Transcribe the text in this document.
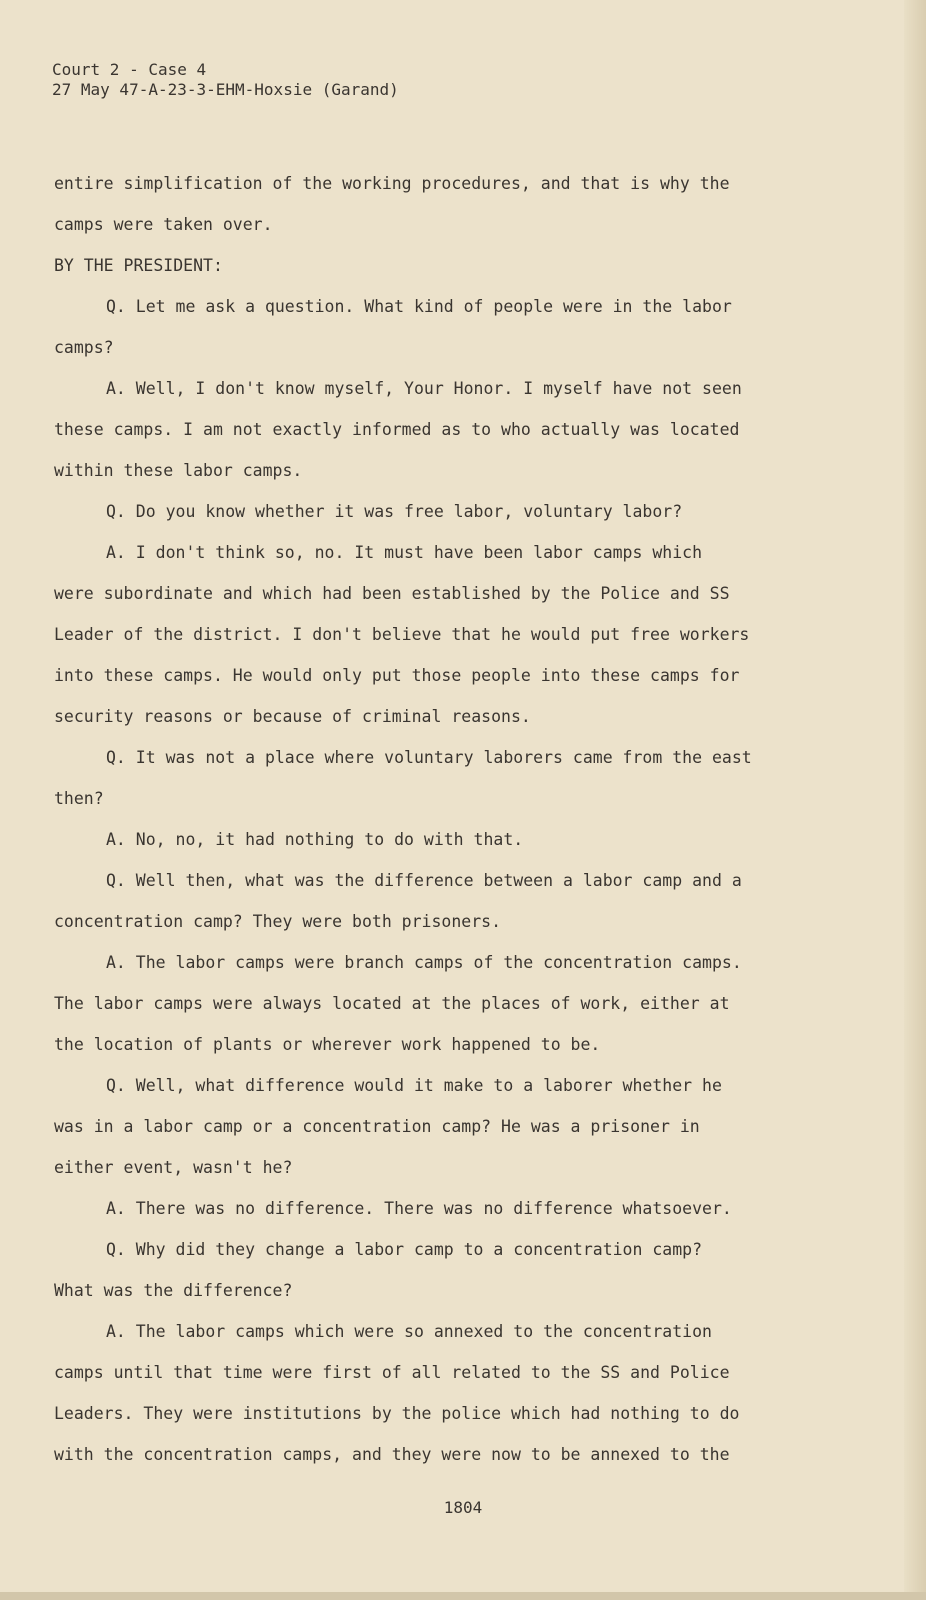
Court 2 - Case 4
27 May 47-A-23-3-EHM-Hoxsie (Garand)
entire simplification of the working procedures, and that is why the
camps were taken over.
BY THE PRESIDENT:
Q. Let me ask a question. What kind of people were in the labor
camps?
A. Well, I don't know myself, Your Honor. I myself have not seen
these camps. I am not exactly informed as to who actually was located
within these labor camps.
Q. Do you know whether it was free labor, voluntary labor?
A. I don't think so, no. It must have been labor camps which
were subordinate and which had been established by the Police and SS
Leader of the district. I don't believe that he would put free workers
into these camps. He would only put those people into these camps for
security reasons or because of criminal reasons.
Q. It was not a place where voluntary laborers came from the east
then?
A. No, no, it had nothing to do with that.
Q. Well then, what was the difference between a labor camp and a
concentration camp? They were both prisoners.
A. The labor camps were branch camps of the concentration camps.
The labor camps were always located at the places of work, either at
the location of plants or wherever work happened to be.
Q. Well, what difference would it make to a laborer whether he
was in a labor camp or a concentration camp? He was a prisoner in
either event, wasn't he?
A. There was no difference. There was no difference whatsoever.
Q. Why did they change a labor camp to a concentration camp?
What was the difference?
A. The labor camps which were so annexed to the concentration
camps until that time were first of all related to the SS and Police
Leaders. They were institutions by the police which had nothing to do
with the concentration camps, and they were now to be annexed to the
1804
